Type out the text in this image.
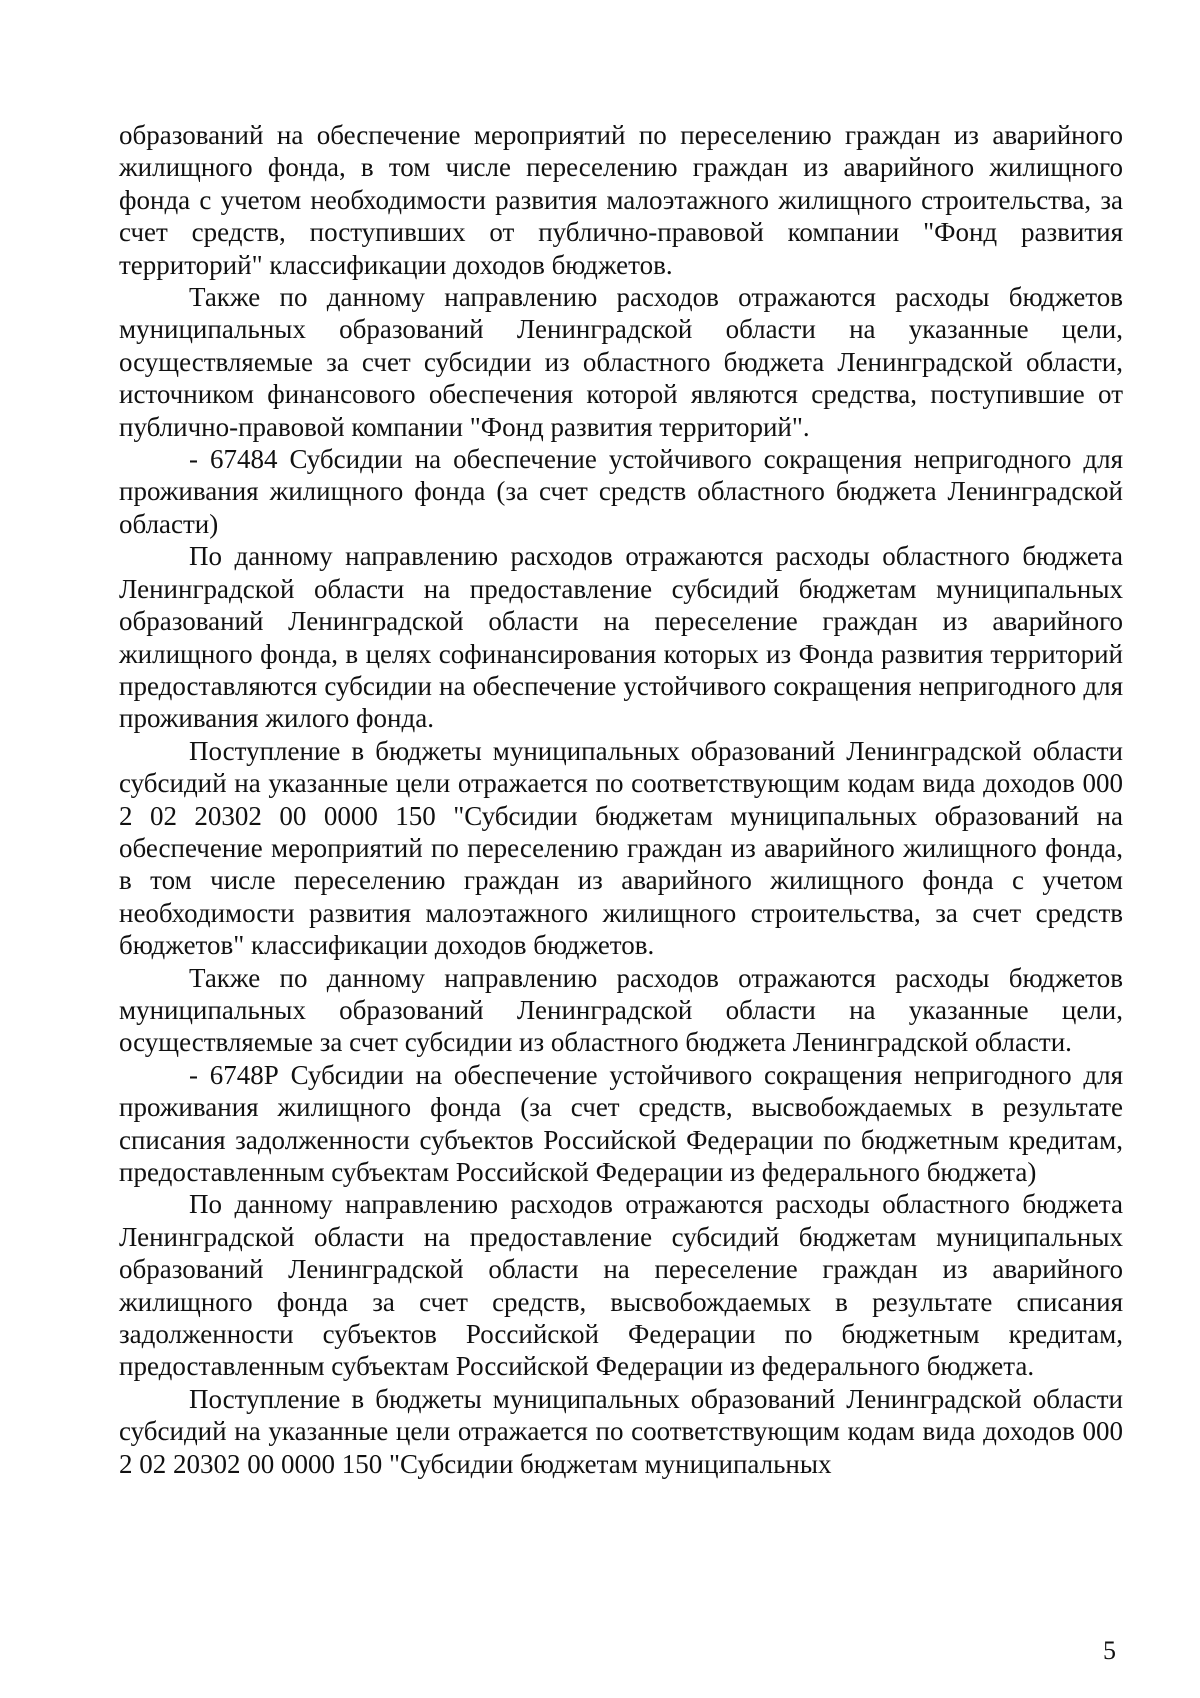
образований на обеспечение мероприятий по переселению граждан из аварийного жилищного фонда, в том числе переселению граждан из аварийного жилищного фонда с учетом необходимости развития малоэтажного жилищного строительства, за счет средств, поступивших от публично-правовой компании "Фонд развития территорий" классификации доходов бюджетов.

Также по данному направлению расходов отражаются расходы бюджетов муниципальных образований Ленинградской области на указанные цели, осуществляемые за счет субсидии из областного бюджета Ленинградской области, источником финансового обеспечения которой являются средства, поступившие от публично-правовой компании "Фонд развития территорий".

- 67484 Субсидии на обеспечение устойчивого сокращения непригодного для проживания жилищного фонда (за счет средств областного бюджета Ленинградской области)

По данному направлению расходов отражаются расходы областного бюджета Ленинградской области на предоставление субсидий бюджетам муниципальных образований Ленинградской области на переселение граждан из аварийного жилищного фонда, в целях софинансирования которых из Фонда развития территорий предоставляются субсидии на обеспечение устойчивого сокращения непригодного для проживания жилого фонда.

Поступление в бюджеты муниципальных образований Ленинградской области субсидий на указанные цели отражается по соответствующим кодам вида доходов 000 2 02 20302 00 0000 150 "Субсидии бюджетам муниципальных образований на обеспечение мероприятий по переселению граждан из аварийного жилищного фонда, в том числе переселению граждан из аварийного жилищного фонда с учетом необходимости развития малоэтажного жилищного строительства, за счет средств бюджетов" классификации доходов бюджетов.

Также по данному направлению расходов отражаются расходы бюджетов муниципальных образований Ленинградской области на указанные цели, осуществляемые за счет субсидии из областного бюджета Ленинградской области.

- 6748Р Субсидии на обеспечение устойчивого сокращения непригодного для проживания жилищного фонда (за счет средств, высвобождаемых в результате списания задолженности субъектов Российской Федерации по бюджетным кредитам, предоставленным субъектам Российской Федерации из федерального бюджета)

По данному направлению расходов отражаются расходы областного бюджета Ленинградской области на предоставление субсидий бюджетам муниципальных образований Ленинградской области на переселение граждан из аварийного жилищного фонда за счет средств, высвобождаемых в результате списания задолженности субъектов Российской Федерации по бюджетным кредитам, предоставленным субъектам Российской Федерации из федерального бюджета.

Поступление в бюджеты муниципальных образований Ленинградской области субсидий на указанные цели отражается по соответствующим кодам вида доходов 000 2 02 20302 00 0000 150 "Субсидии бюджетам муниципальных

5
